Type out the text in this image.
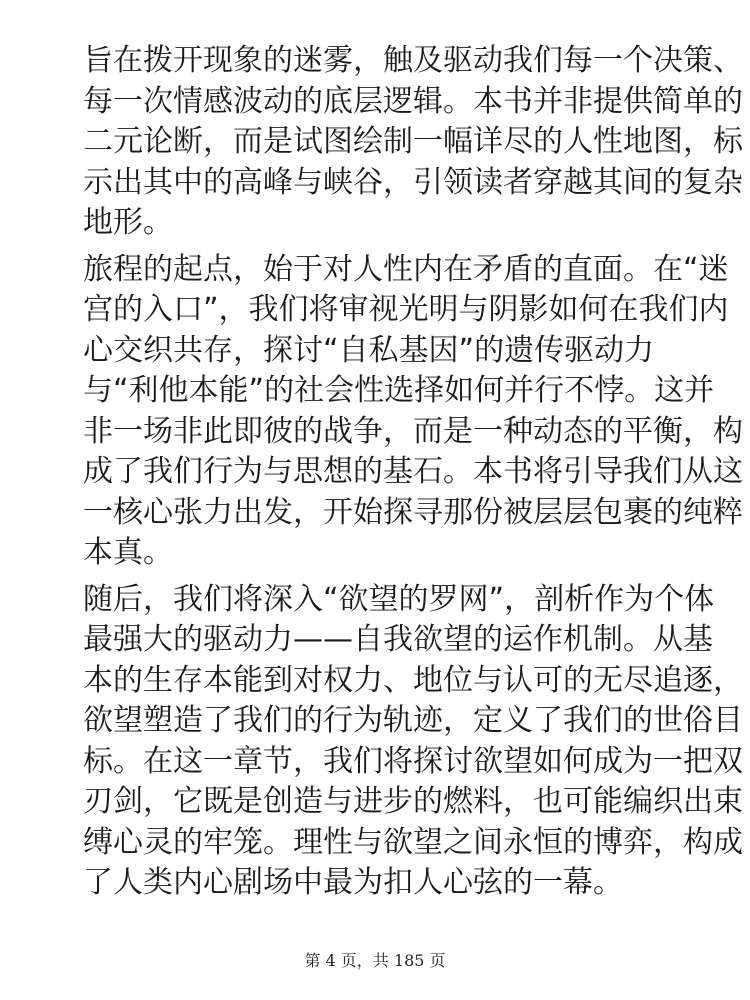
旨在拨开现象的迷雾，触及驱动我们每一个决策、
每一次情感波动的底层逻辑。本书并非提供简单的
二元论断，而是试图绘制一幅详尽的人性地图，标
示出其中的高峰与峡谷，引领读者穿越其间的复杂
地形。

旅程的起点，始于对人性内在矛盾的直面。在“迷
宫的入口”，我们将审视光明与阴影如何在我们内
心交织共存，探讨“自私基因”的遗传驱动力
与“利他本能”的社会性选择如何并行不悖。这并
非一场非此即彼的战争，而是一种动态的平衡，构
成了我们行为与思想的基石。本书将引导我们从这
一核心张力出发，开始探寻那份被层层包裹的纯粹
本真。

随后，我们将深入“欲望的罗网”，剖析作为个体
最强大的驱动力——自我欲望的运作机制。从基
本的生存本能到对权力、地位与认可的无尽追逐，
欲望塑造了我们的行为轨迹，定义了我们的世俗目
标。在这一章节，我们将探讨欲望如何成为一把双
刃剑，它既是创造与进步的燃料，也可能编织出束
缚心灵的牢笼。理性与欲望之间永恒的博弈，构成
了人类内心剧场中最为扣人心弦的一幕。

第 4 页，共 185 页
